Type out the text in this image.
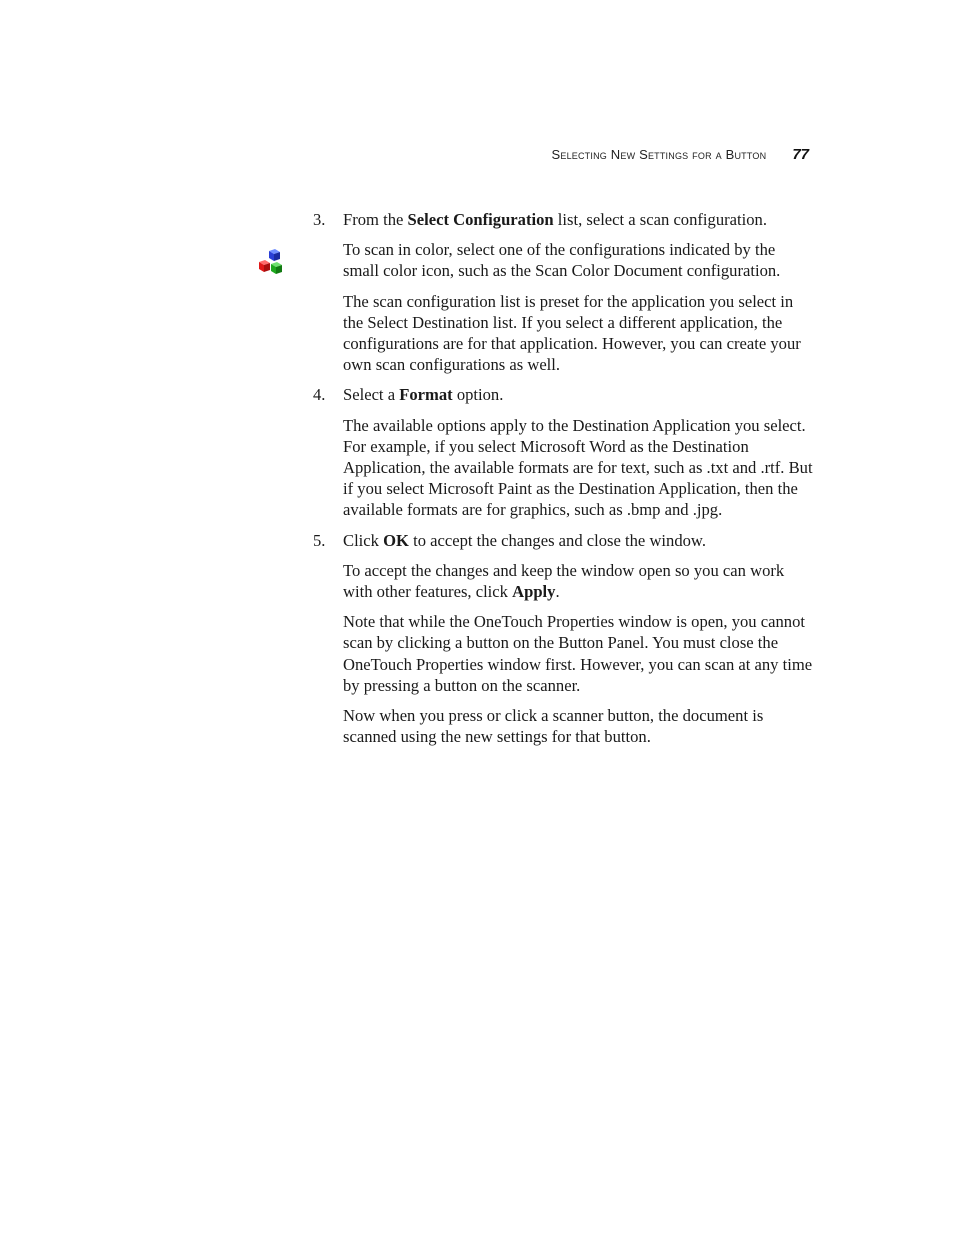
Selecting New Settings for a Button 77
3. From the Select Configuration list, select a scan configuration.

To scan in color, select one of the configurations indicated by the small color icon, such as the Scan Color Document configuration.

The scan configuration list is preset for the application you select in the Select Destination list. If you select a different application, the configurations are for that application. However, you can create your own scan configurations as well.

4. Select a Format option.

The available options apply to the Destination Application you select. For example, if you select Microsoft Word as the Destination Application, the available formats are for text, such as .txt and .rtf. But if you select Microsoft Paint as the Destination Application, then the available formats are for graphics, such as .bmp and .jpg.

5. Click OK to accept the changes and close the window.

To accept the changes and keep the window open so you can work with other features, click Apply.

Note that while the OneTouch Properties window is open, you cannot scan by clicking a button on the Button Panel. You must close the OneTouch Properties window first. However, you can scan at any time by pressing a button on the scanner.

Now when you press or click a scanner button, the document is scanned using the new settings for that button.
